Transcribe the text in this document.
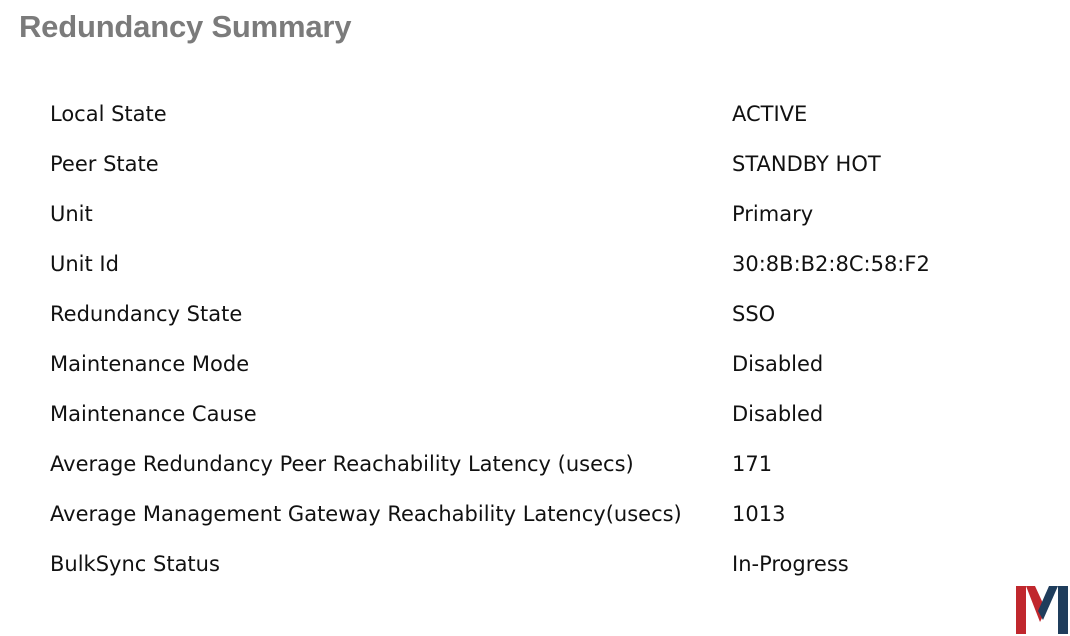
Redundancy Summary
Local State	ACTIVE
Peer State	STANDBY HOT
Unit	Primary
Unit Id	30:8B:B2:8C:58:F2
Redundancy State	SSO
Maintenance Mode	Disabled
Maintenance Cause	Disabled
Average Redundancy Peer Reachability Latency (usecs)	171
Average Management Gateway Reachability Latency(usecs)	1013
BulkSync Status	In-Progress
